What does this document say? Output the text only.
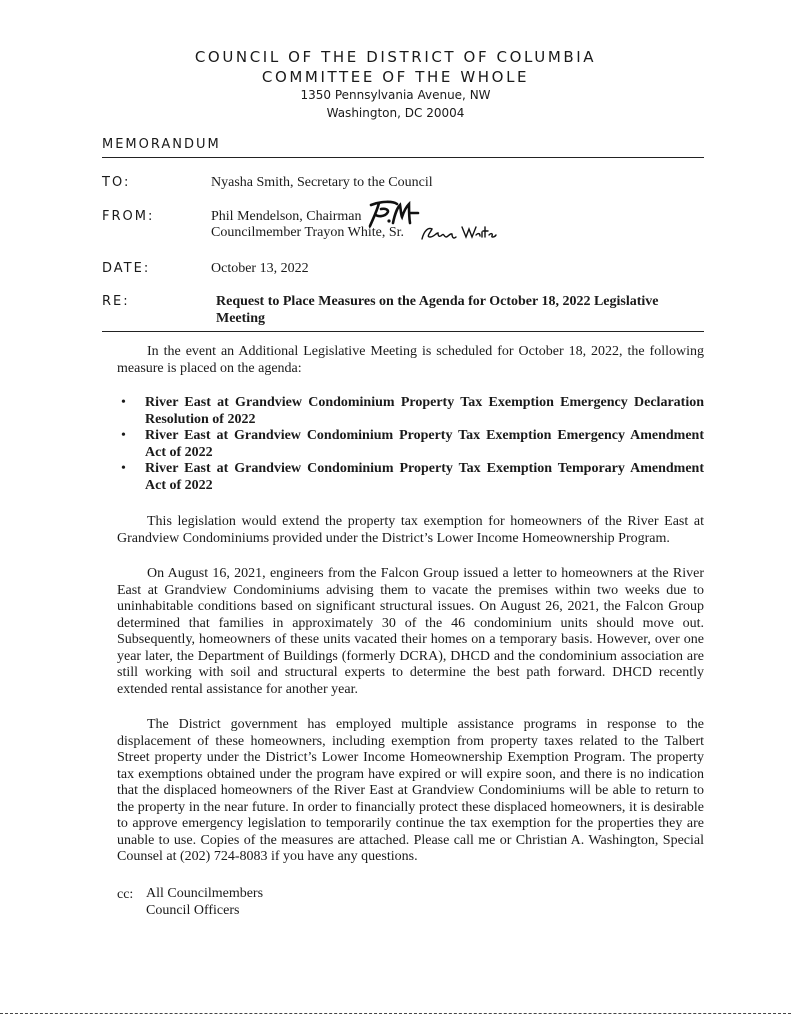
COUNCIL OF THE DISTRICT OF COLUMBIA
COMMITTEE OF THE WHOLE
1350 Pennsylvania Avenue, NW
Washington, DC 20004
MEMORANDUM
TO:	Nyasha Smith, Secretary to the Council
FROM:	Phil Mendelson, Chairman
Councilmember Trayon White, Sr.
DATE:	October 13, 2022
RE:	Request to Place Measures on the Agenda for October 18, 2022 Legislative Meeting

In the event an Additional Legislative Meeting is scheduled for October 18, 2022, the following measure is placed on the agenda:

• River East at Grandview Condominium Property Tax Exemption Emergency Declaration Resolution of 2022
• River East at Grandview Condominium Property Tax Exemption Emergency Amendment Act of 2022
• River East at Grandview Condominium Property Tax Exemption Temporary Amendment Act of 2022

This legislation would extend the property tax exemption for homeowners of the River East at Grandview Condominiums provided under the District’s Lower Income Homeownership Program.

On August 16, 2021, engineers from the Falcon Group issued a letter to homeowners at the River East at Grandview Condominiums advising them to vacate the premises within two weeks due to uninhabitable conditions based on significant structural issues. On August 26, 2021, the Falcon Group determined that families in approximately 30 of the 46 condominium units should move out. Subsequently, homeowners of these units vacated their homes on a temporary basis. However, over one year later, the Department of Buildings (formerly DCRA), DHCD and the condominium association are still working with soil and structural experts to determine the best path forward. DHCD recently extended rental assistance for another year.

The District government has employed multiple assistance programs in response to the displacement of these homeowners, including exemption from property taxes related to the Talbert Street property under the District’s Lower Income Homeownership Exemption Program. The property tax exemptions obtained under the program have expired or will expire soon, and there is no indication that the displaced homeowners of the River East at Grandview Condominiums will be able to return to the property in the near future. In order to financially protect these displaced homeowners, it is desirable to approve emergency legislation to temporarily continue the tax exemption for the properties they are unable to use. Copies of the measures are attached. Please call me or Christian A. Washington, Special Counsel at (202) 724-8083 if you have any questions.

cc: All Councilmembers
Council Officers
